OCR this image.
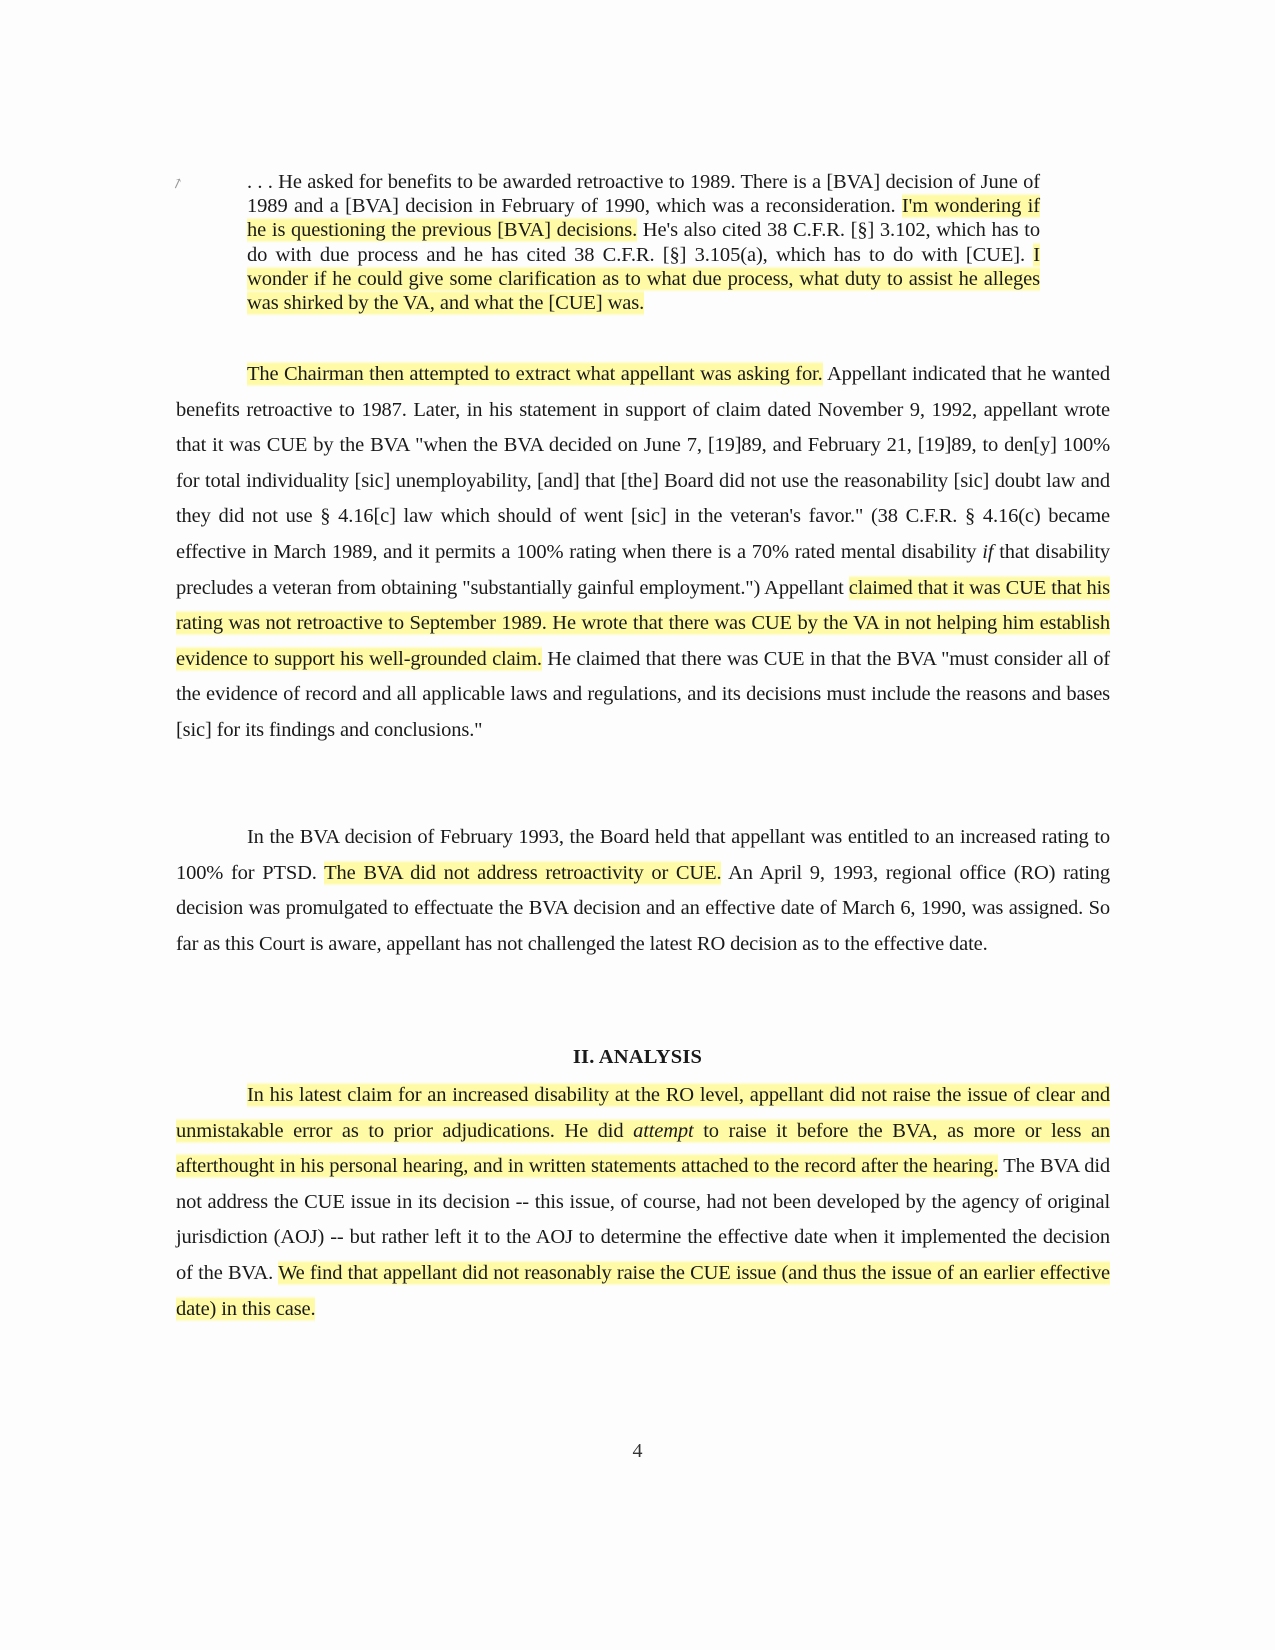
↗	. . . He asked for benefits to be awarded retroactive to 1989. There is a [BVA] decision of June of 1989 and a [BVA] decision in February of 1990, which was a reconsideration. I'm wondering if he is questioning the previous [BVA] decisions. He's also cited 38 C.F.R. [§] 3.102, which has to do with due process and he has cited 38 C.F.R. [§] 3.105(a), which has to do with [CUE]. I wonder if he could give some clarification as to what due process, what duty to assist he alleges was shirked by the VA, and what the [CUE] was.
The Chairman then attempted to extract what appellant was asking for. Appellant indicated that he wanted benefits retroactive to 1987. Later, in his statement in support of claim dated November 9, 1992, appellant wrote that it was CUE by the BVA "when the BVA decided on June 7, [19]89, and February 21, [19]89, to den[y] 100% for total individuality [sic] unemployability, [and] that [the] Board did not use the reasonability [sic] doubt law and they did not use § 4.16[c] law which should of went [sic] in the veteran's favor." (38 C.F.R. § 4.16(c) became effective in March 1989, and it permits a 100% rating when there is a 70% rated mental disability if that disability precludes a veteran from obtaining "substantially gainful employment.") Appellant claimed that it was CUE that his rating was not retroactive to September 1989. He wrote that there was CUE by the VA in not helping him establish evidence to support his well-grounded claim. He claimed that there was CUE in that the BVA "must consider all of the evidence of record and all applicable laws and regulations, and its decisions must include the reasons and bases [sic] for its findings and conclusions."
In the BVA decision of February 1993, the Board held that appellant was entitled to an increased rating to 100% for PTSD. The BVA did not address retroactivity or CUE. An April 9, 1993, regional office (RO) rating decision was promulgated to effectuate the BVA decision and an effective date of March 6, 1990, was assigned. So far as this Court is aware, appellant has not challenged the latest RO decision as to the effective date.
II. ANALYSIS
In his latest claim for an increased disability at the RO level, appellant did not raise the issue of clear and unmistakable error as to prior adjudications. He did attempt to raise it before the BVA, as more or less an afterthought in his personal hearing, and in written statements attached to the record after the hearing. The BVA did not address the CUE issue in its decision -- this issue, of course, had not been developed by the agency of original jurisdiction (AOJ) -- but rather left it to the AOJ to determine the effective date when it implemented the decision of the BVA. We find that appellant did not reasonably raise the CUE issue (and thus the issue of an earlier effective date) in this case.
4
